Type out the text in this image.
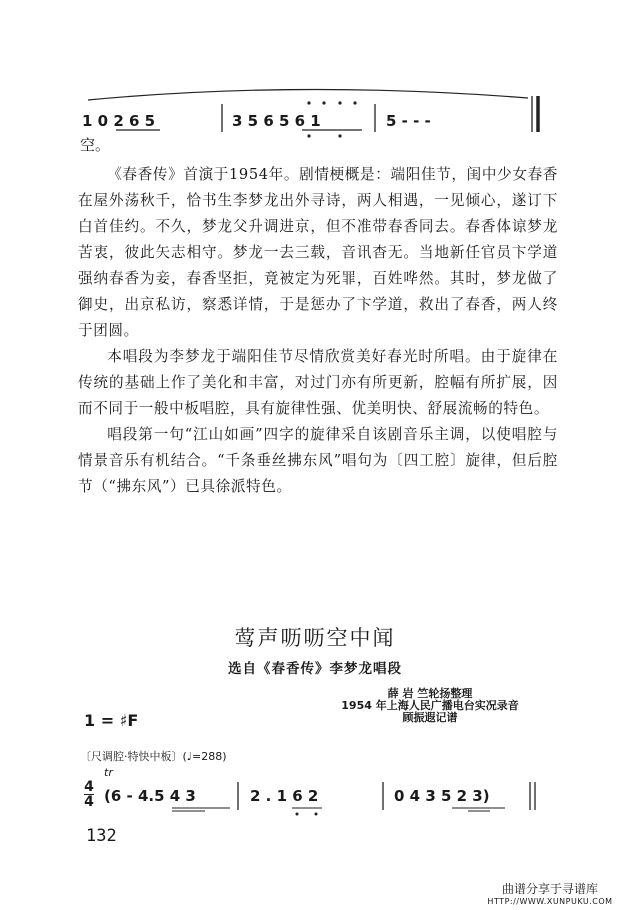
1 0 2 6 5	3 5 6 5 6 1	5 - - -
空。

《春香传》首演于1954年。剧情梗概是：端阳佳节，闺中少女春香在屋外荡秋千，恰书生李梦龙出外寻诗，两人相遇，一见倾心，遂订下白首佳约。不久，梦龙父升调进京，但不准带春香同去。春香体谅梦龙苦衷，彼此矢志相守。梦龙一去三载，音讯杳无。当地新任官员卞学道强纳春香为妾，春香坚拒，竟被定为死罪，百姓哗然。其时，梦龙做了御史，出京私访，察悉详情，于是惩办了卞学道，救出了春香，两人终于团圆。

本唱段为李梦龙于端阳佳节尽情欣赏美好春光时所唱。由于旋律在传统的基础上作了美化和丰富，对过门亦有所更新，腔幅有所扩展，因而不同于一般中板唱腔，具有旋律性强、优美明快、舒展流畅的特色。

唱段第一句“江山如画”四字的旋律采自该剧音乐主调，以使唱腔与情景音乐有机结合。“千条垂丝拂东风”唱句为〔四工腔〕旋律，但后腔节（“拂东风”）已具徐派特色。

莺声呖呖空中闻
选自《春香传》李梦龙唱段
薛 岩 竺轮扬整理
1954 年上海人民广播电台实况录音
顾振遐记谱
1 = ♯F
〔尺调腔·特快中板〕(♩=288)
tr
4
4 (6 - 4.5 4 3	2 . 1 6 2	0 4 3 5 2 3)
132
曲谱分享于寻谱库
HTTP://WWW.XUNPUKU.COM
